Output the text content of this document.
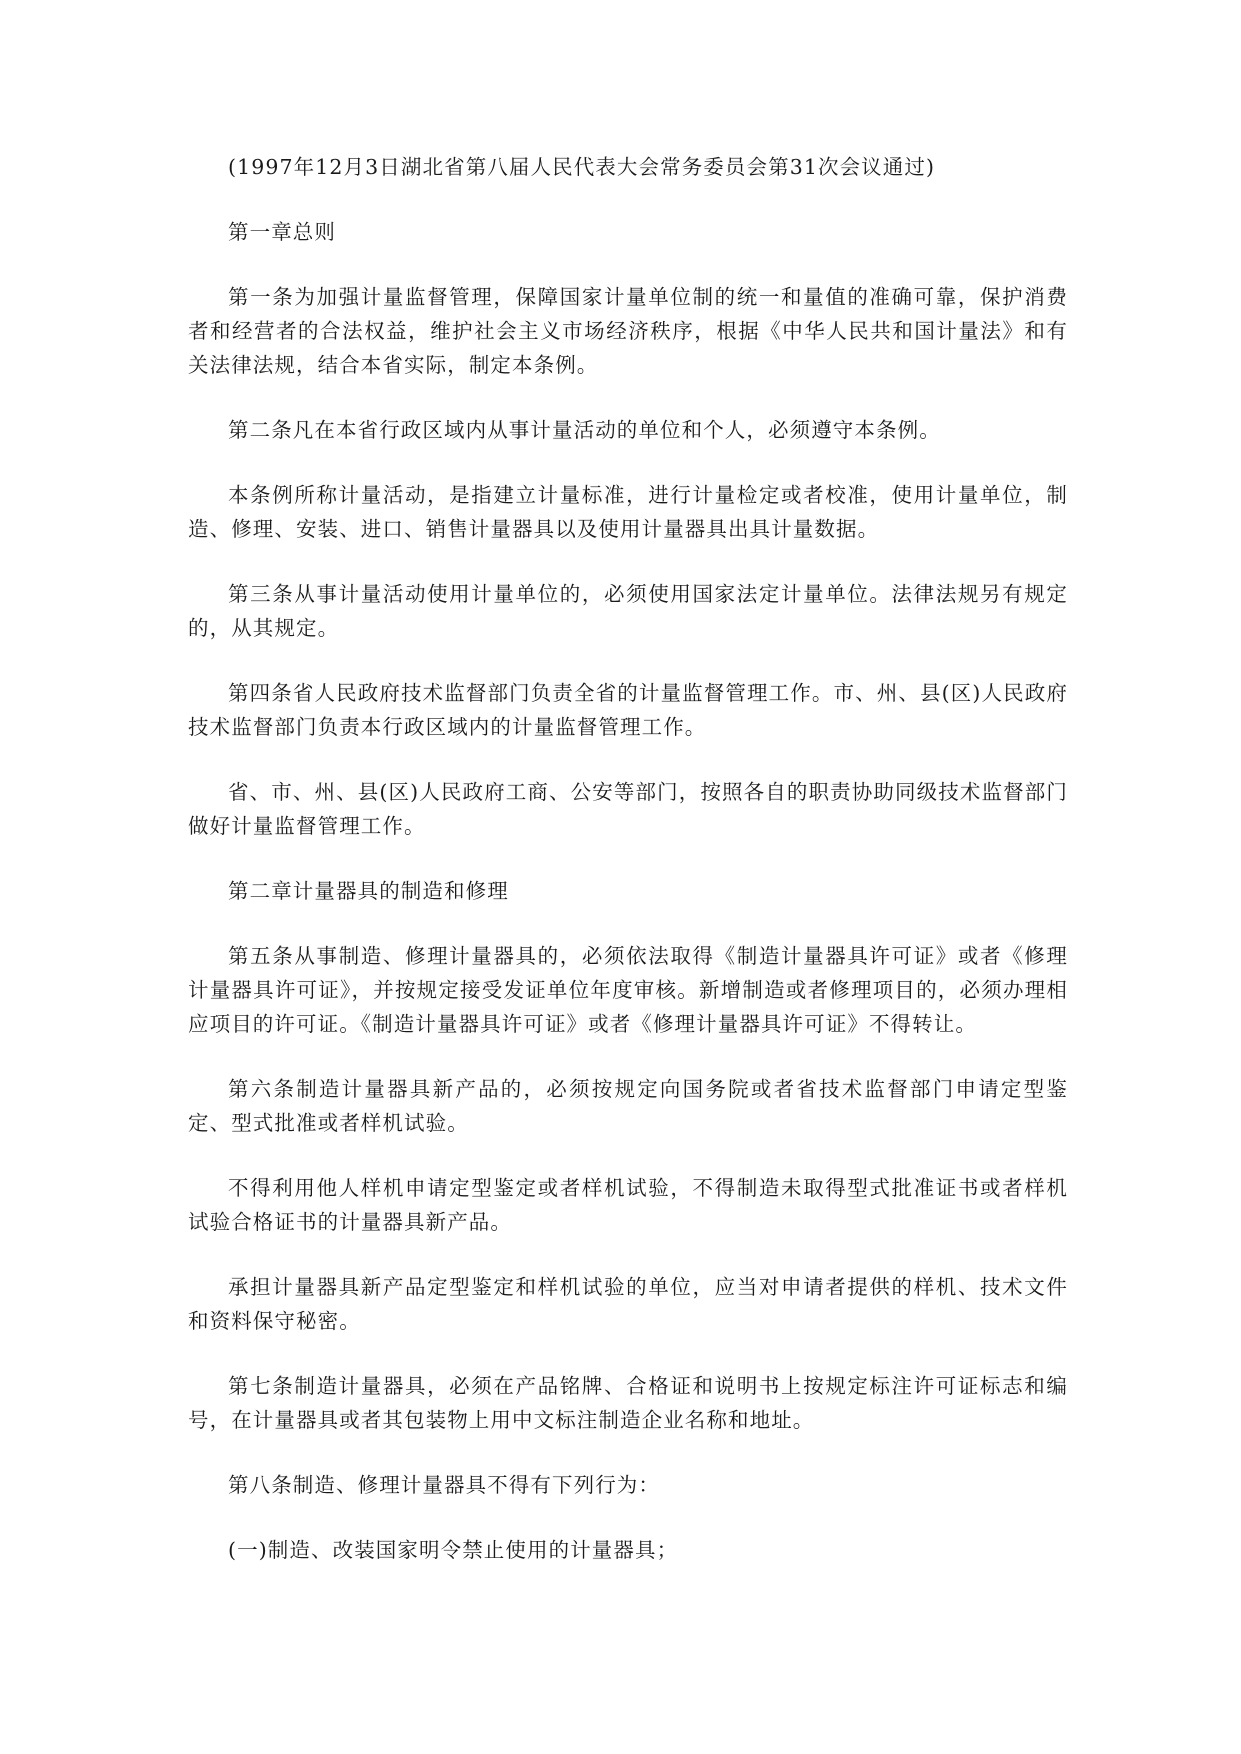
(1997年12月3日湖北省第八届人民代表大会常务委员会第31次会议通过)

第一章总则

第一条为加强计量监督管理，保障国家计量单位制的统一和量值的准确可靠，保护消费者和经营者的合法权益，维护社会主义市场经济秩序，根据《中华人民共和国计量法》和有关法律法规，结合本省实际，制定本条例。

第二条凡在本省行政区域内从事计量活动的单位和个人，必须遵守本条例。

本条例所称计量活动，是指建立计量标准，进行计量检定或者校准，使用计量单位，制造、修理、安装、进口、销售计量器具以及使用计量器具出具计量数据。

第三条从事计量活动使用计量单位的，必须使用国家法定计量单位。法律法规另有规定的，从其规定。

第四条省人民政府技术监督部门负责全省的计量监督管理工作。市、州、县(区)人民政府技术监督部门负责本行政区域内的计量监督管理工作。

省、市、州、县(区)人民政府工商、公安等部门，按照各自的职责协助同级技术监督部门做好计量监督管理工作。

第二章计量器具的制造和修理

第五条从事制造、修理计量器具的，必须依法取得《制造计量器具许可证》或者《修理计量器具许可证》，并按规定接受发证单位年度审核。新增制造或者修理项目的，必须办理相应项目的许可证。《制造计量器具许可证》或者《修理计量器具许可证》不得转让。

第六条制造计量器具新产品的，必须按规定向国务院或者省技术监督部门申请定型鉴定、型式批准或者样机试验。

不得利用他人样机申请定型鉴定或者样机试验，不得制造未取得型式批准证书或者样机试验合格证书的计量器具新产品。

承担计量器具新产品定型鉴定和样机试验的单位，应当对申请者提供的样机、技术文件和资料保守秘密。

第七条制造计量器具，必须在产品铭牌、合格证和说明书上按规定标注许可证标志和编号，在计量器具或者其包装物上用中文标注制造企业名称和地址。

第八条制造、修理计量器具不得有下列行为：

(一)制造、改装国家明令禁止使用的计量器具；
